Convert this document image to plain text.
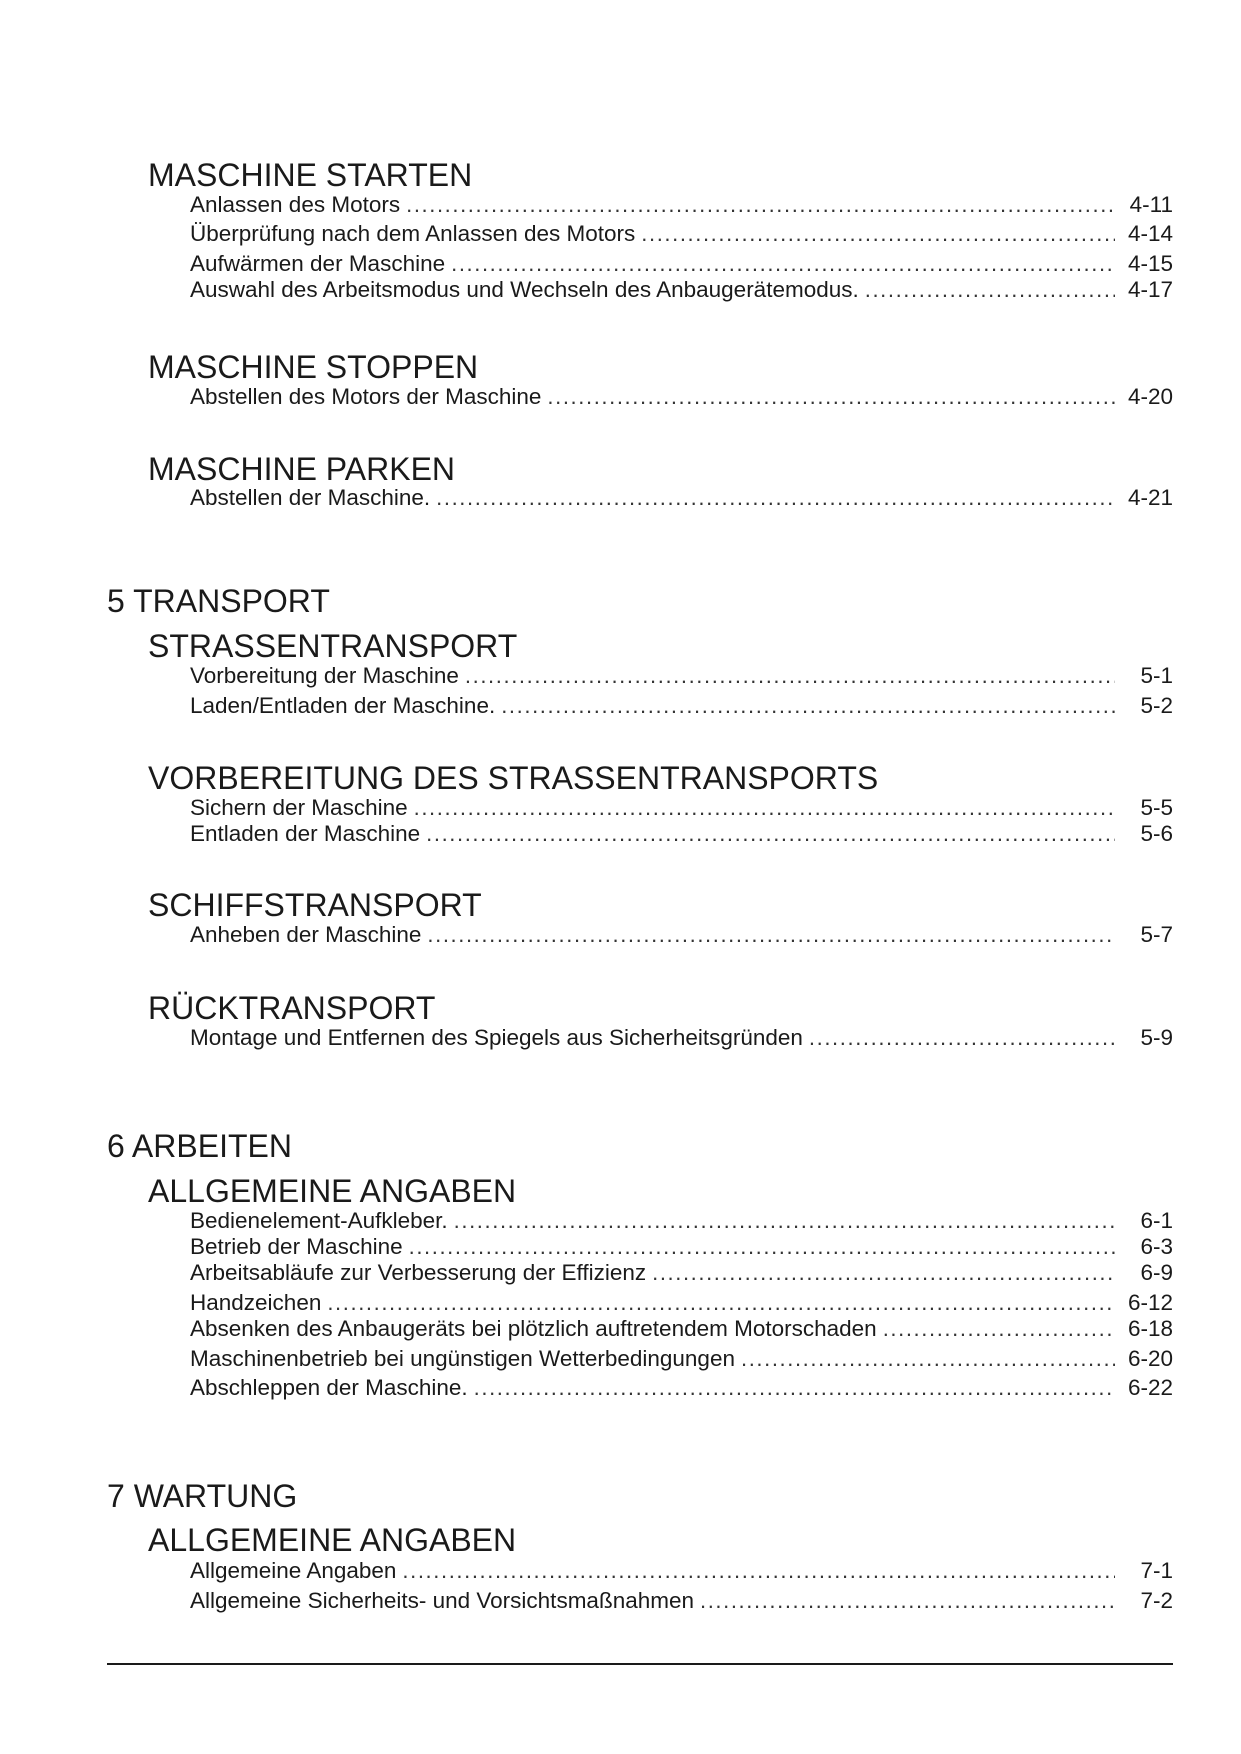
MASCHINE STARTEN
Anlassen des Motors .....	4-11
Überprüfung nach dem Anlassen des Motors .....	4-14
Aufwärmen der Maschine .....	4-15
Auswahl des Arbeitsmodus und Wechseln des Anbaugerätemodus. .....	4-17
MASCHINE STOPPEN
Abstellen des Motors der Maschine .....	4-20
MASCHINE PARKEN
Abstellen der Maschine. .....	4-21
5 TRANSPORT
STRASSENTRANSPORT
Vorbereitung der Maschine .....	5-1
Laden/Entladen der Maschine. .....	5-2
VORBEREITUNG DES STRASSENTRANSPORTS
Sichern der Maschine .....	5-5
Entladen der Maschine .....	5-6
SCHIFFSTRANSPORT
Anheben der Maschine .....	5-7
RÜCKTRANSPORT
Montage und Entfernen des Spiegels aus Sicherheitsgründen .....	5-9
6 ARBEITEN
ALLGEMEINE ANGABEN
Bedienelement-Aufkleber. .....	6-1
Betrieb der Maschine .....	6-3
Arbeitsabläufe zur Verbesserung der Effizienz .....	6-9
Handzeichen .....	6-12
Absenken des Anbaugeräts bei plötzlich auftretendem Motorschaden .....	6-18
Maschinenbetrieb bei ungünstigen Wetterbedingungen .....	6-20
Abschleppen der Maschine. .....	6-22
7 WARTUNG
ALLGEMEINE ANGABEN
Allgemeine Angaben .....	7-1
Allgemeine Sicherheits- und Vorsichtsmaßnahmen .....	7-2
